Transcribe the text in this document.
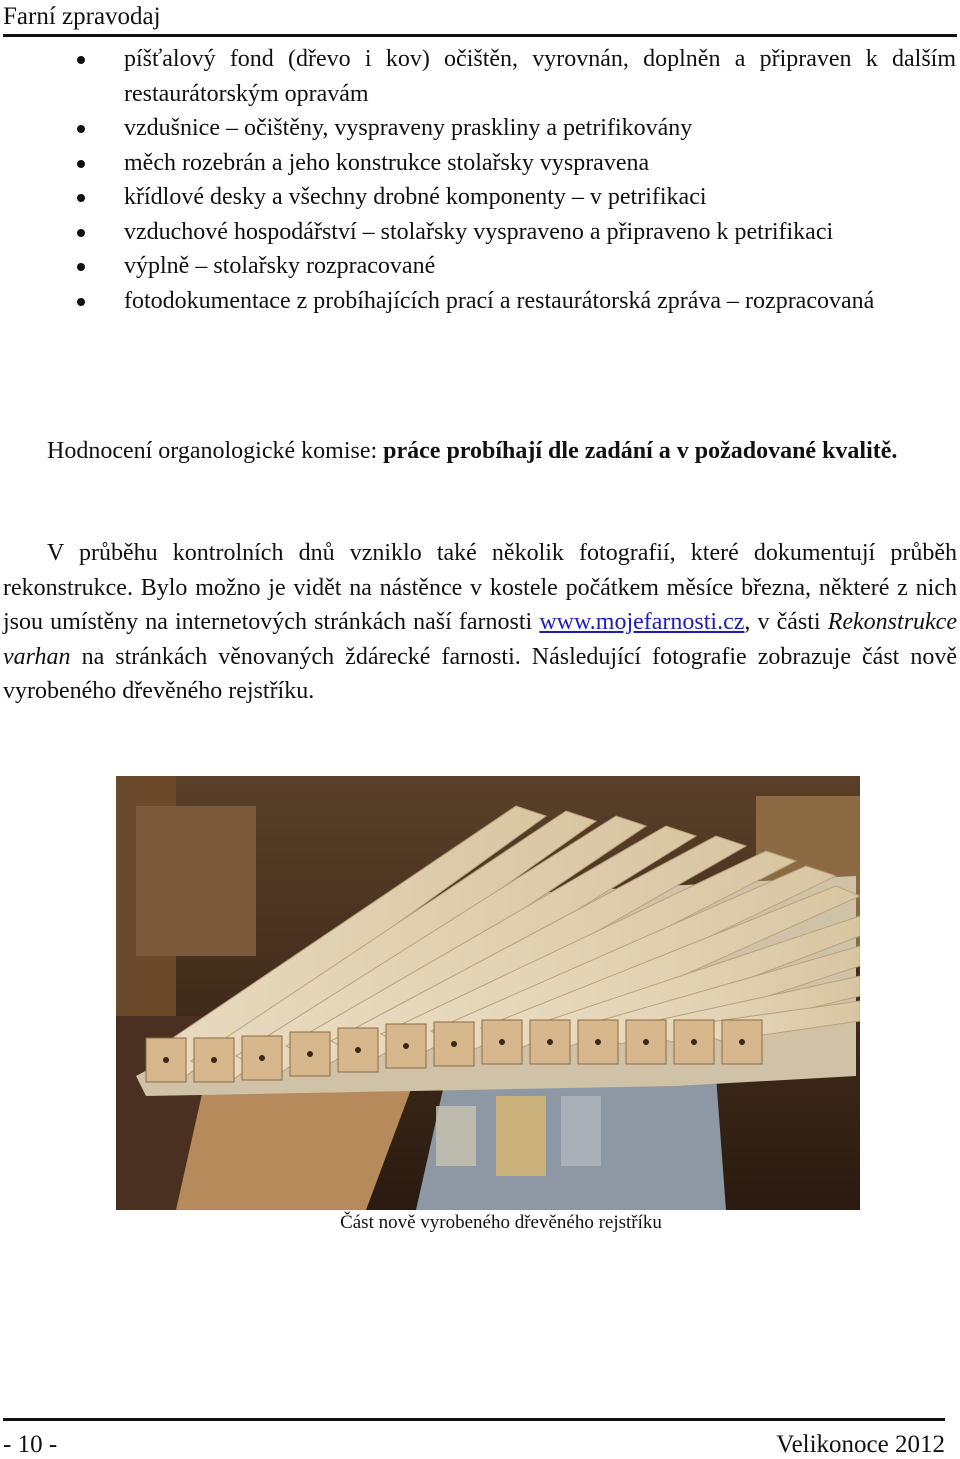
Farní zpravodaj
píšťalový fond (dřevo i kov) očištěn, vyrovnán, doplněn a připraven k dalším restaurátorským opravám
vzdušnice – očištěny, vyspraveny praskliny a petrifikovány
měch rozebrán a jeho konstrukce stolařsky vyspravena
křídlové desky a všechny drobné komponenty – v petrifikaci
vzduchové hospodářství – stolařsky vyspraveno a připraveno k petrifikaci
výplně – stolařsky rozpracované
fotodokumentace z probíhajících prací a restaurátorská zpráva – rozpracovaná
Hodnocení organologické komise: práce probíhají dle zadání a v požadované kvalitě.
V průběhu kontrolních dnů vzniklo také několik fotografií, které dokumentují průběh rekonstrukce. Bylo možno je vidět na nástěnce v kostele počátkem měsíce března, některé z nich jsou umístěny na internetových stránkách naší farnosti www.mojefarnosti.cz, v části Rekonstrukce varhan na stránkách věnovaných ždárecké farnosti. Následující fotografie zobrazuje část nově vyrobeného dřevěného rejstříku.
Část nově vyrobeného dřevěného rejstříku
- 10 -	Velikonoce 2012
